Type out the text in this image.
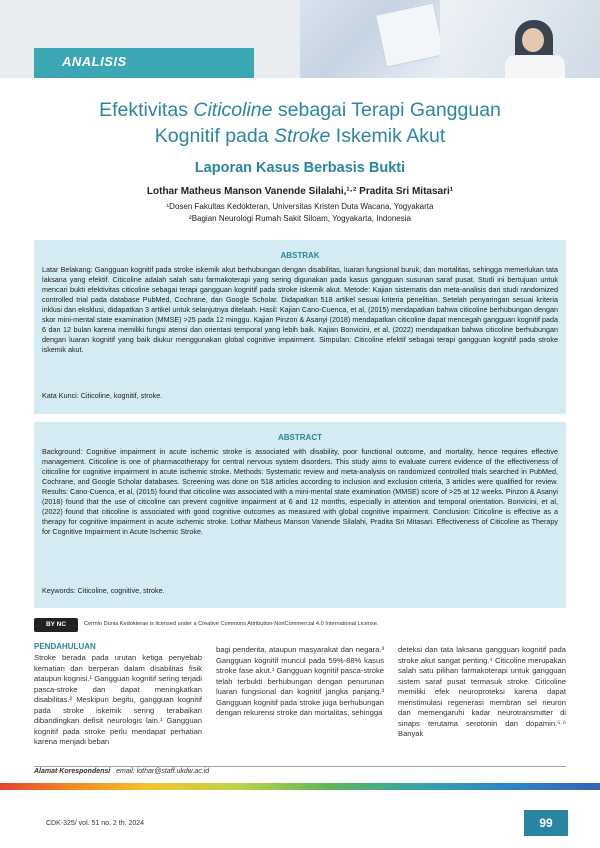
ANALISIS
Efektivitas Citicoline sebagai Terapi Gangguan
Kognitif pada Stroke Iskemik Akut
Laporan Kasus Berbasis Bukti
Lothar Matheus Manson Vanende Silalahi,¹·² Pradita Sri Mitasari¹
¹Dosen Fakultas Kedokteran, Universitas Kristen Duta Wacana, Yogyakarta
²Bagian Neurologi Rumah Sakit Siloam, Yogyakarta, Indonesia
ABSTRAK
Latar Belakang: Gangguan kognitif pada stroke iskemik akut berhubungan dengan disabilitas, luaran fungsional buruk, dan mortalitas, sehingga memerlukan tata laksana yang efektif. Citicoline adalah salah satu farmakoterapi yang sering digunakan pada kasus gangguan susunan saraf pusat. Studi ini bertujuan untuk mencari bukti efektivitas citicoline sebagai terapi gangguan kognitif pada stroke iskemik akut. Metode: Kajian sistematis dan meta-analisis dari studi randomized controlled trial pada database PubMed, Cochrane, dan Google Scholar. Didapatkan 518 artikel sesuai kriteria penelitian. Setelah penyaringan sesuai kriteria inklusi dan eksklusi, didapatkan 3 artikel untuk selanjutnya ditelaah. Hasil: Kajian Cano-Cuenca, et al, (2015) mendapatkan bahwa citicoline berhubungan dengan skor mini-mental state examination (MMSE) >25 pada 12 minggu. Kajian Pinzon & Asanyi (2018) mendapatkan citicoline dapat mencegah gangguan kognitif pada 6 dan 12 bulan karena memiliki fungsi atensi dan orientasi temporal yang lebih baik. Kajian Bonvicini, et al, (2022) mendapatkan bahwa citicoline berhubungan dengan luaran kognitif yang baik diukur menggunakan global cognitive impairment. Simpulan: Citicoline efektif sebagai terapi gangguan kognitif pada stroke iskemik akut.
Kata Kunci: Citicoline, kognitif, stroke.
ABSTRACT
Background: Cognitive impairment in acute ischemic stroke is associated with disability, poor functional outcome, and mortality, hence requires effective management. Citicoline is one of pharmacotherapy for central nervous system disorders. This study aims to evaluate current evidence of the effectiveness of citicoline for cognitive impairment in acute ischemic stroke. Methods: Systematic review and meta-analysis on randomized controlled trials searched in PubMed, Cochrane, and Google Scholar databases. Screening was done on 518 articles according to inclusion and exclusion criteria, 3 articles were qualified for review. Results: Cano-Cuenca, et al, (2015) found that citicoline was associated with a mini-mental state examination (MMSE) score of >25 at 12 weeks. Pinzon & Asanyi (2018) found that the use of citicoline can prevent cognitive impairment at 6 and 12 months, especially in attention and temporal orientation. Bonvicini, et al, (2022) found that citicoline is associated with good cognitive outcomes as measured with global cognitive impairment. Conclusion: Citicoline is effective as a therapy for cognitive impairment in acute ischemic stroke. Lothar Matheus Manson Vanende Silalahi, Pradita Sri Mitasari. Effectiveness of Citicoline as Therapy for Cognitive Impairment in Acute Ischemic Stroke.
Keywords: Citicoline, cognitive, stroke.
BY NC	Cermin Dunia Kedokteran is licensed under a Creative Commons Attribution-NonCommercial 4.0 International License.
PENDAHULUAN
Stroke berada pada urutan ketiga penyebab kematian dan berperan dalam disabilitas fisik ataupun kognisi.¹ Gangguan kognitif sering terjadi pasca-stroke dan dapat meningkatkan disabilitas.² Meskipun begitu, gangguan kognitif pada stroke iskemik sering terabaikan dibandingkan defisit neurologis lain.¹ Gangguan kognitif pada stroke perlu mendapat perhatian karena menjadi beban
bagi penderita, ataupun masyarakat dan negara.³ Gangguan kognitif muncul pada 59%-88% kasus stroke fase akut.¹ Gangguan kognitif pasca-stroke telah terbukti berhubungan dengan penurunan luaran fungsional dan kognitif jangka panjang.³ Gangguan kognitif pada stroke juga berhubungan dengan rekurensi stroke dan mortalitas, sehingga
deteksi dan tata laksana gangguan kognitif pada stroke akut sangat penting.⁴ Citicoline merupakan salah satu pilihan farmakoterapi untuk gangguan sistem saraf pusat termasuk stroke. Citicoline memiliki efek neuroproteksi karena dapat menstimulasi regenerasi membran sel neuron dan memengaruhi kadar neurotransmitter di sinaps terutama serotonin dan dopamin.⁵·⁶ Banyak
Alamat Korespondensi email: lothar@staff.ukdw.ac.id
CDK-325/ vol. 51 no. 2 th. 2024	99
